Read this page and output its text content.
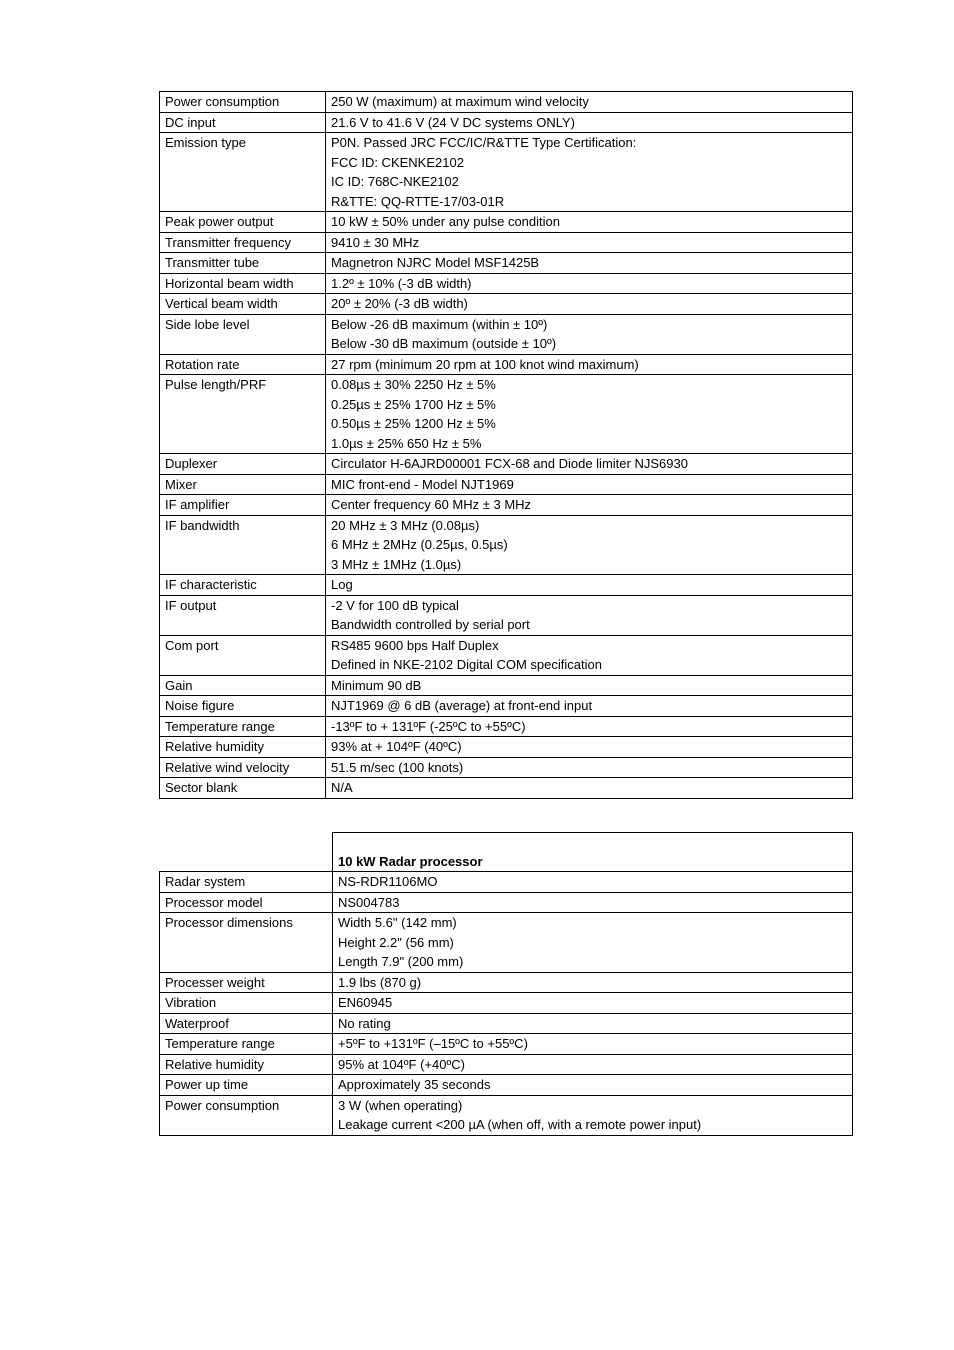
Power consumption	250 W (maximum) at maximum wind velocity

DC input	21.6 V to 41.6 V (24 V DC systems ONLY)

Emission type	P0N. Passed JRC FCC/IC/R&TTE Type Certification:
FCC ID: CKENKE2102
IC ID: 768C-NKE2102
R&TTE: QQ-RTTE-17/03-01R

Peak power output	10 kW ± 50% under any pulse condition

Transmitter frequency	9410 ± 30 MHz

Transmitter tube	Magnetron NJRC Model MSF1425B

Horizontal beam width	1.2º ± 10% (-3 dB width)

Vertical beam width	20º ± 20% (-3 dB width)

Side lobe level	Below -26 dB maximum (within ± 10º)
Below -30 dB maximum (outside ± 10º)

Rotation rate	27 rpm (minimum 20 rpm at 100 knot wind maximum)

Pulse length/PRF	0.08µs ± 30% 2250 Hz ± 5%
0.25µs ± 25% 1700 Hz ± 5%
0.50µs ± 25% 1200 Hz ± 5%
1.0µs ± 25% 650 Hz ± 5%

Duplexer	Circulator H-6AJRD00001 FCX-68 and Diode limiter NJS6930

Mixer	MIC front-end - Model NJT1969

IF amplifier	Center frequency 60 MHz ± 3 MHz

IF bandwidth	20 MHz ± 3 MHz (0.08µs)
6 MHz ± 2MHz (0.25µs, 0.5µs)
3 MHz ± 1MHz (1.0µs)

IF characteristic	Log

IF output	-2 V for 100 dB typical
Bandwidth controlled by serial port

Com port	RS485 9600 bps Half Duplex
Defined in NKE-2102 Digital COM specification

Gain	Minimum 90 dB

Noise figure	NJT1969 @ 6 dB (average) at front-end input

Temperature range	-13ºF to + 131ºF (-25ºC to +55ºC)

Relative humidity	93% at + 104ºF (40ºC)

Relative wind velocity	51.5 m/sec (100 knots)

Sector blank	N/A
	10 kW Radar processor
Radar system	NS-RDR1106MO

Processor model	NS004783

Processor dimensions	Width 5.6" (142 mm)
Height 2.2" (56 mm)
Length 7.9" (200 mm)

Processer weight	1.9 lbs (870 g)

Vibration	EN60945

Waterproof	No rating

Temperature range	+5ºF to +131ºF (–15ºC to +55ºC)

Relative humidity	95% at 104ºF (+40ºC)

Power up time	Approximately 35 seconds

Power consumption	3 W (when operating)
Leakage current <200 µA (when off, with a remote power input)
